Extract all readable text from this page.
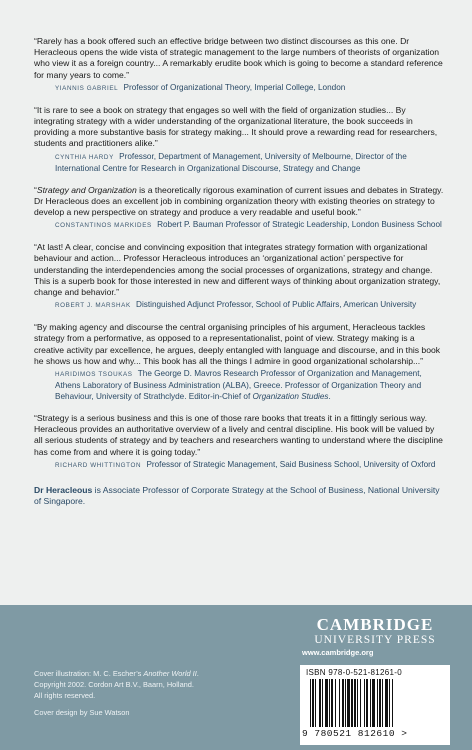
“Rarely has a book offered such an effective bridge between two distinct discourses as this one. Dr Heracleous opens the wide vista of strategic management to the large numbers of theorists of organization who view it as a foreign country... A remarkably erudite book which is going to become a standard reference for many years to come.”

YIANNIS GABRIEL Professor of Organizational Theory, Imperial College, London

“It is rare to see a book on strategy that engages so well with the field of organization studies... By integrating strategy with a wider understanding of the organizational literature, the book succeeds in providing a more substantive basis for strategy making... It should prove a rewarding read for researchers, students and practitioners alike.”

CYNTHIA HARDY Professor, Department of Management, University of Melbourne, Director of the International Centre for Research in Organizational Discourse, Strategy and Change

“Strategy and Organization is a theoretically rigorous examination of current issues and debates in Strategy. Dr Heracleous does an excellent job in combining organization theory with existing theories on strategy to develop a new perspective on strategy and produce a very readable and useful book.”

CONSTANTINOS MARKIDES Robert P. Bauman Professor of Strategic Leadership, London Business School

“At last! A clear, concise and convincing exposition that integrates strategy formation with organizational behaviour and action... Professor Heracleous introduces an ‘organizational action’ perspective for understanding the interdependencies among the social processes of organizations, strategy and change. This is a superb book for those interested in new and different ways of thinking about organization strategy, change and behavior.”

ROBERT J. MARSHAK Distinguished Adjunct Professor, School of Public Affairs, American University

“By making agency and discourse the central organising principles of his argument, Heracleous tackles strategy from a performative, as opposed to a representationalist, point of view. Strategy making is a creative activity par excellence, he argues, deeply entangled with language and discourse, and in this book he shows us how and why... This book has all the things I admire in good organizational scholarship...”

HARIDIMOS TSOUKAS The George D. Mavros Research Professor of Organization and Management, Athens Laboratory of Business Administration (ALBA), Greece. Professor of Organization Theory and Behaviour, University of Strathclyde. Editor-in-Chief of Organization Studies.

“Strategy is a serious business and this is one of those rare books that treats it in a fittingly serious way. Heracleous provides an authoritative overview of a lively and central discipline. His book will be valued by all serious students of strategy and by teachers and researchers wanting to understand where the discipline has come from and where it is going today.”

RICHARD WHITTINGTON Professor of Strategic Management, Said Business School, University of Oxford
Dr Heracleous is Associate Professor of Corporate Strategy at the School of Business, National University of Singapore.
Cover illustration: M. C. Escher’s Another World II.
Copyright 2002. Cordon Art B.V., Baarn, Holland.
All rights reserved.
Cover design by Sue Watson
CAMBRIDGE
UNIVERSITY PRESS
www.cambridge.org
ISBN 978-0-521-81261-0
9 780521 812610 >
